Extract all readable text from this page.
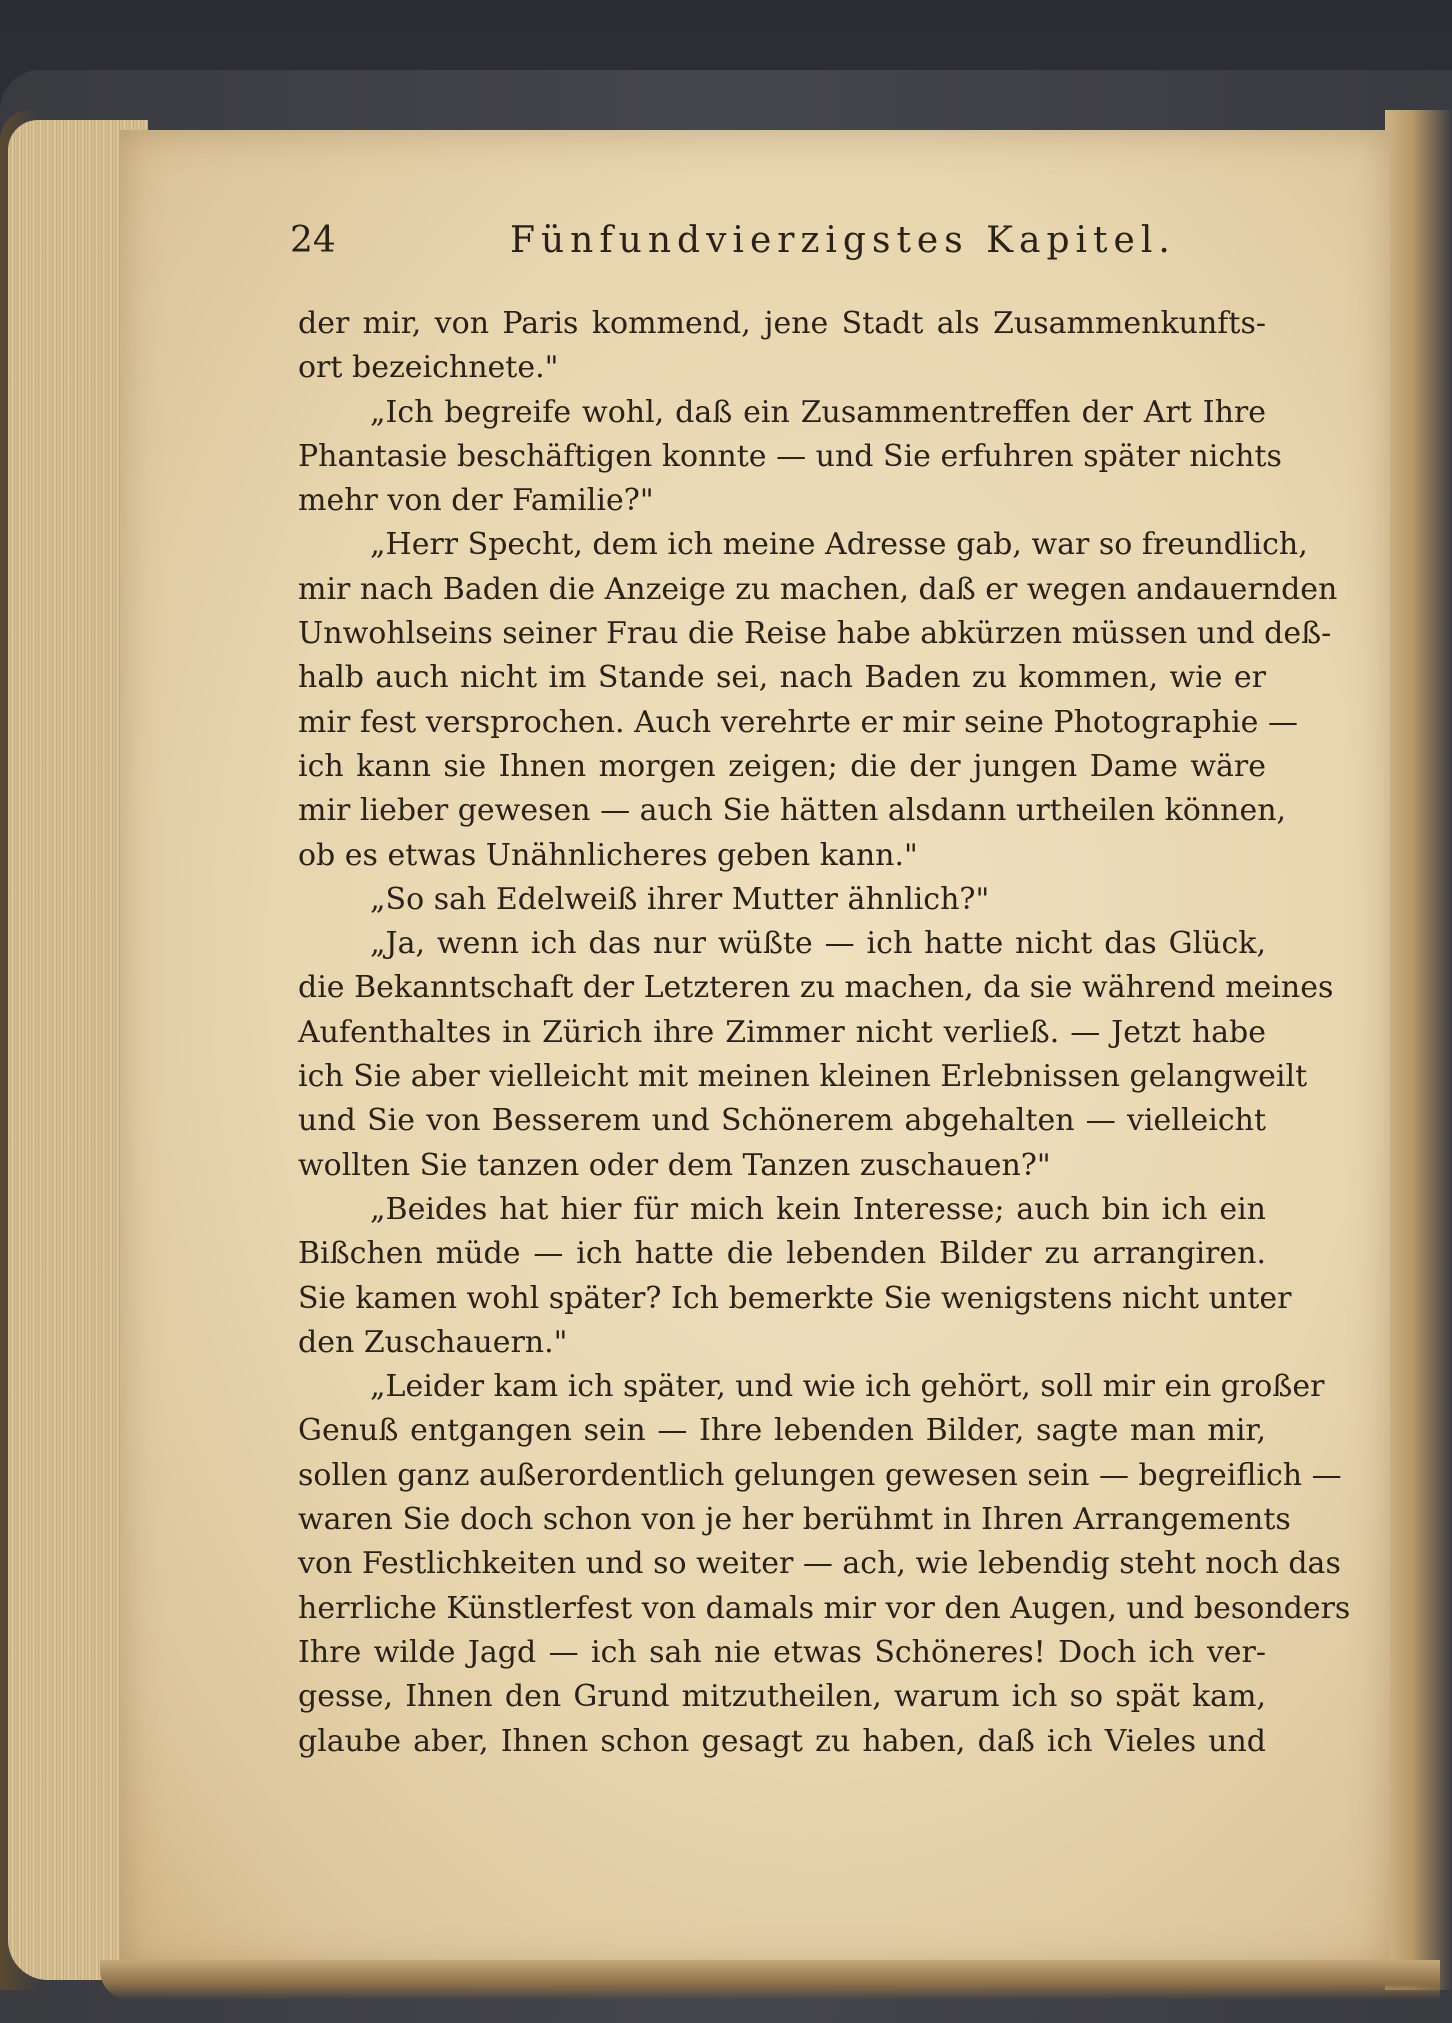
24	Fünfundvierzigstes Kapitel.
der mir, von Paris kommend, jene Stadt als Zusammenkunfts-
ort bezeichnete."
„Ich begreife wohl, daß ein Zusammentreffen der Art Ihre
Phantasie beschäftigen konnte — und Sie erfuhren später nichts
mehr von der Familie?"
„Herr Specht, dem ich meine Adresse gab, war so freundlich,
mir nach Baden die Anzeige zu machen, daß er wegen andauernden
Unwohlseins seiner Frau die Reise habe abkürzen müssen und deß-
halb auch nicht im Stande sei, nach Baden zu kommen, wie er
mir fest versprochen. Auch verehrte er mir seine Photographie —
ich kann sie Ihnen morgen zeigen; die der jungen Dame wäre
mir lieber gewesen — auch Sie hätten alsdann urtheilen können,
ob es etwas Unähnlicheres geben kann."
„So sah Edelweiß ihrer Mutter ähnlich?"
„Ja, wenn ich das nur wüßte — ich hatte nicht das Glück,
die Bekanntschaft der Letzteren zu machen, da sie während meines
Aufenthaltes in Zürich ihre Zimmer nicht verließ. — Jetzt habe
ich Sie aber vielleicht mit meinen kleinen Erlebnissen gelangweilt
und Sie von Besserem und Schönerem abgehalten — vielleicht
wollten Sie tanzen oder dem Tanzen zuschauen?"
„Beides hat hier für mich kein Interesse; auch bin ich ein
Bißchen müde — ich hatte die lebenden Bilder zu arrangiren.
Sie kamen wohl später? Ich bemerkte Sie wenigstens nicht unter
den Zuschauern."
„Leider kam ich später, und wie ich gehört, soll mir ein großer
Genuß entgangen sein — Ihre lebenden Bilder, sagte man mir,
sollen ganz außerordentlich gelungen gewesen sein — begreiflich —
waren Sie doch schon von je her berühmt in Ihren Arrangements
von Festlichkeiten und so weiter — ach, wie lebendig steht noch das
herrliche Künstlerfest von damals mir vor den Augen, und besonders
Ihre wilde Jagd — ich sah nie etwas Schöneres! Doch ich ver-
gesse, Ihnen den Grund mitzutheilen, warum ich so spät kam,
glaube aber, Ihnen schon gesagt zu haben, daß ich Vieles und
